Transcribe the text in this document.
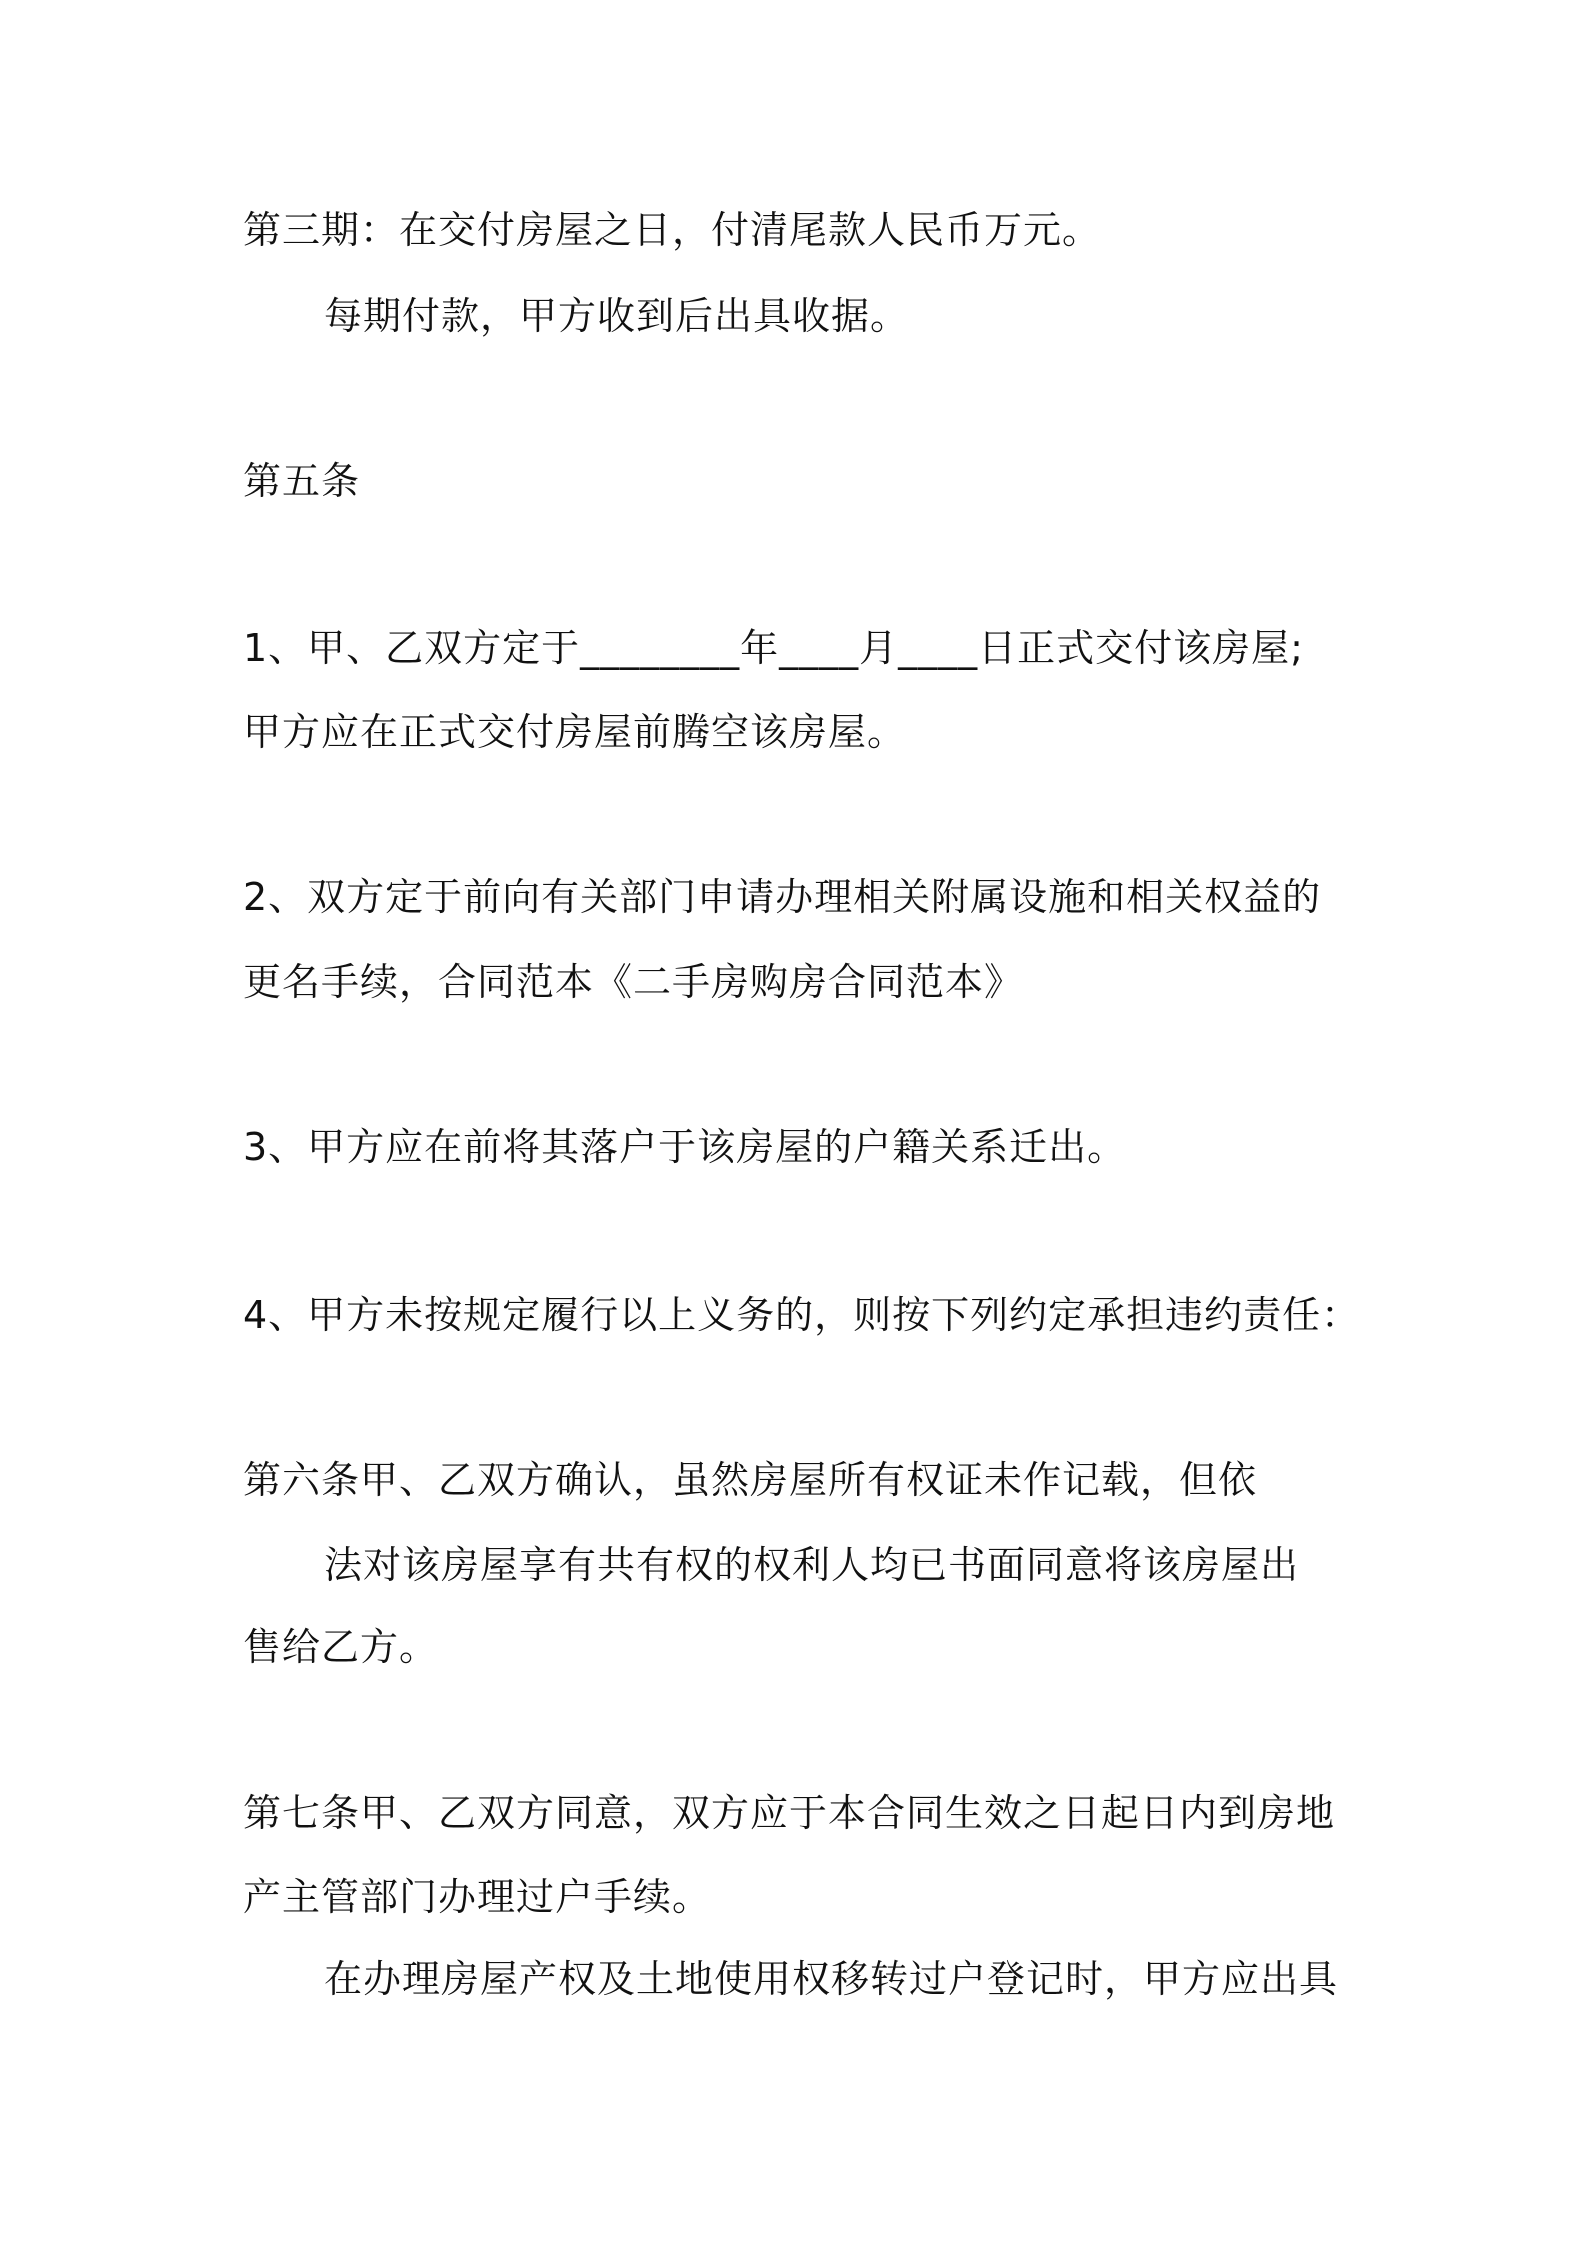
第三期：在交付房屋之日，付清尾款人民币万元。

每期付款，甲方收到后出具收据。

第五条

1、甲、乙双方定于________年____月____日正式交付该房屋;

甲方应在正式交付房屋前腾空该房屋。

2、双方定于前向有关部门申请办理相关附属设施和相关权益的

更名手续，合同范本《二手房购房合同范本》

3、甲方应在前将其落户于该房屋的户籍关系迁出。

4、甲方未按规定履行以上义务的，则按下列约定承担违约责任：

第六条甲、乙双方确认，虽然房屋所有权证未作记载，但依

法对该房屋享有共有权的权利人均已书面同意将该房屋出

售给乙方。

第七条甲、乙双方同意，双方应于本合同生效之日起日内到房地

产主管部门办理过户手续。

在办理房屋产权及土地使用权移转过户登记时，甲方应出具
